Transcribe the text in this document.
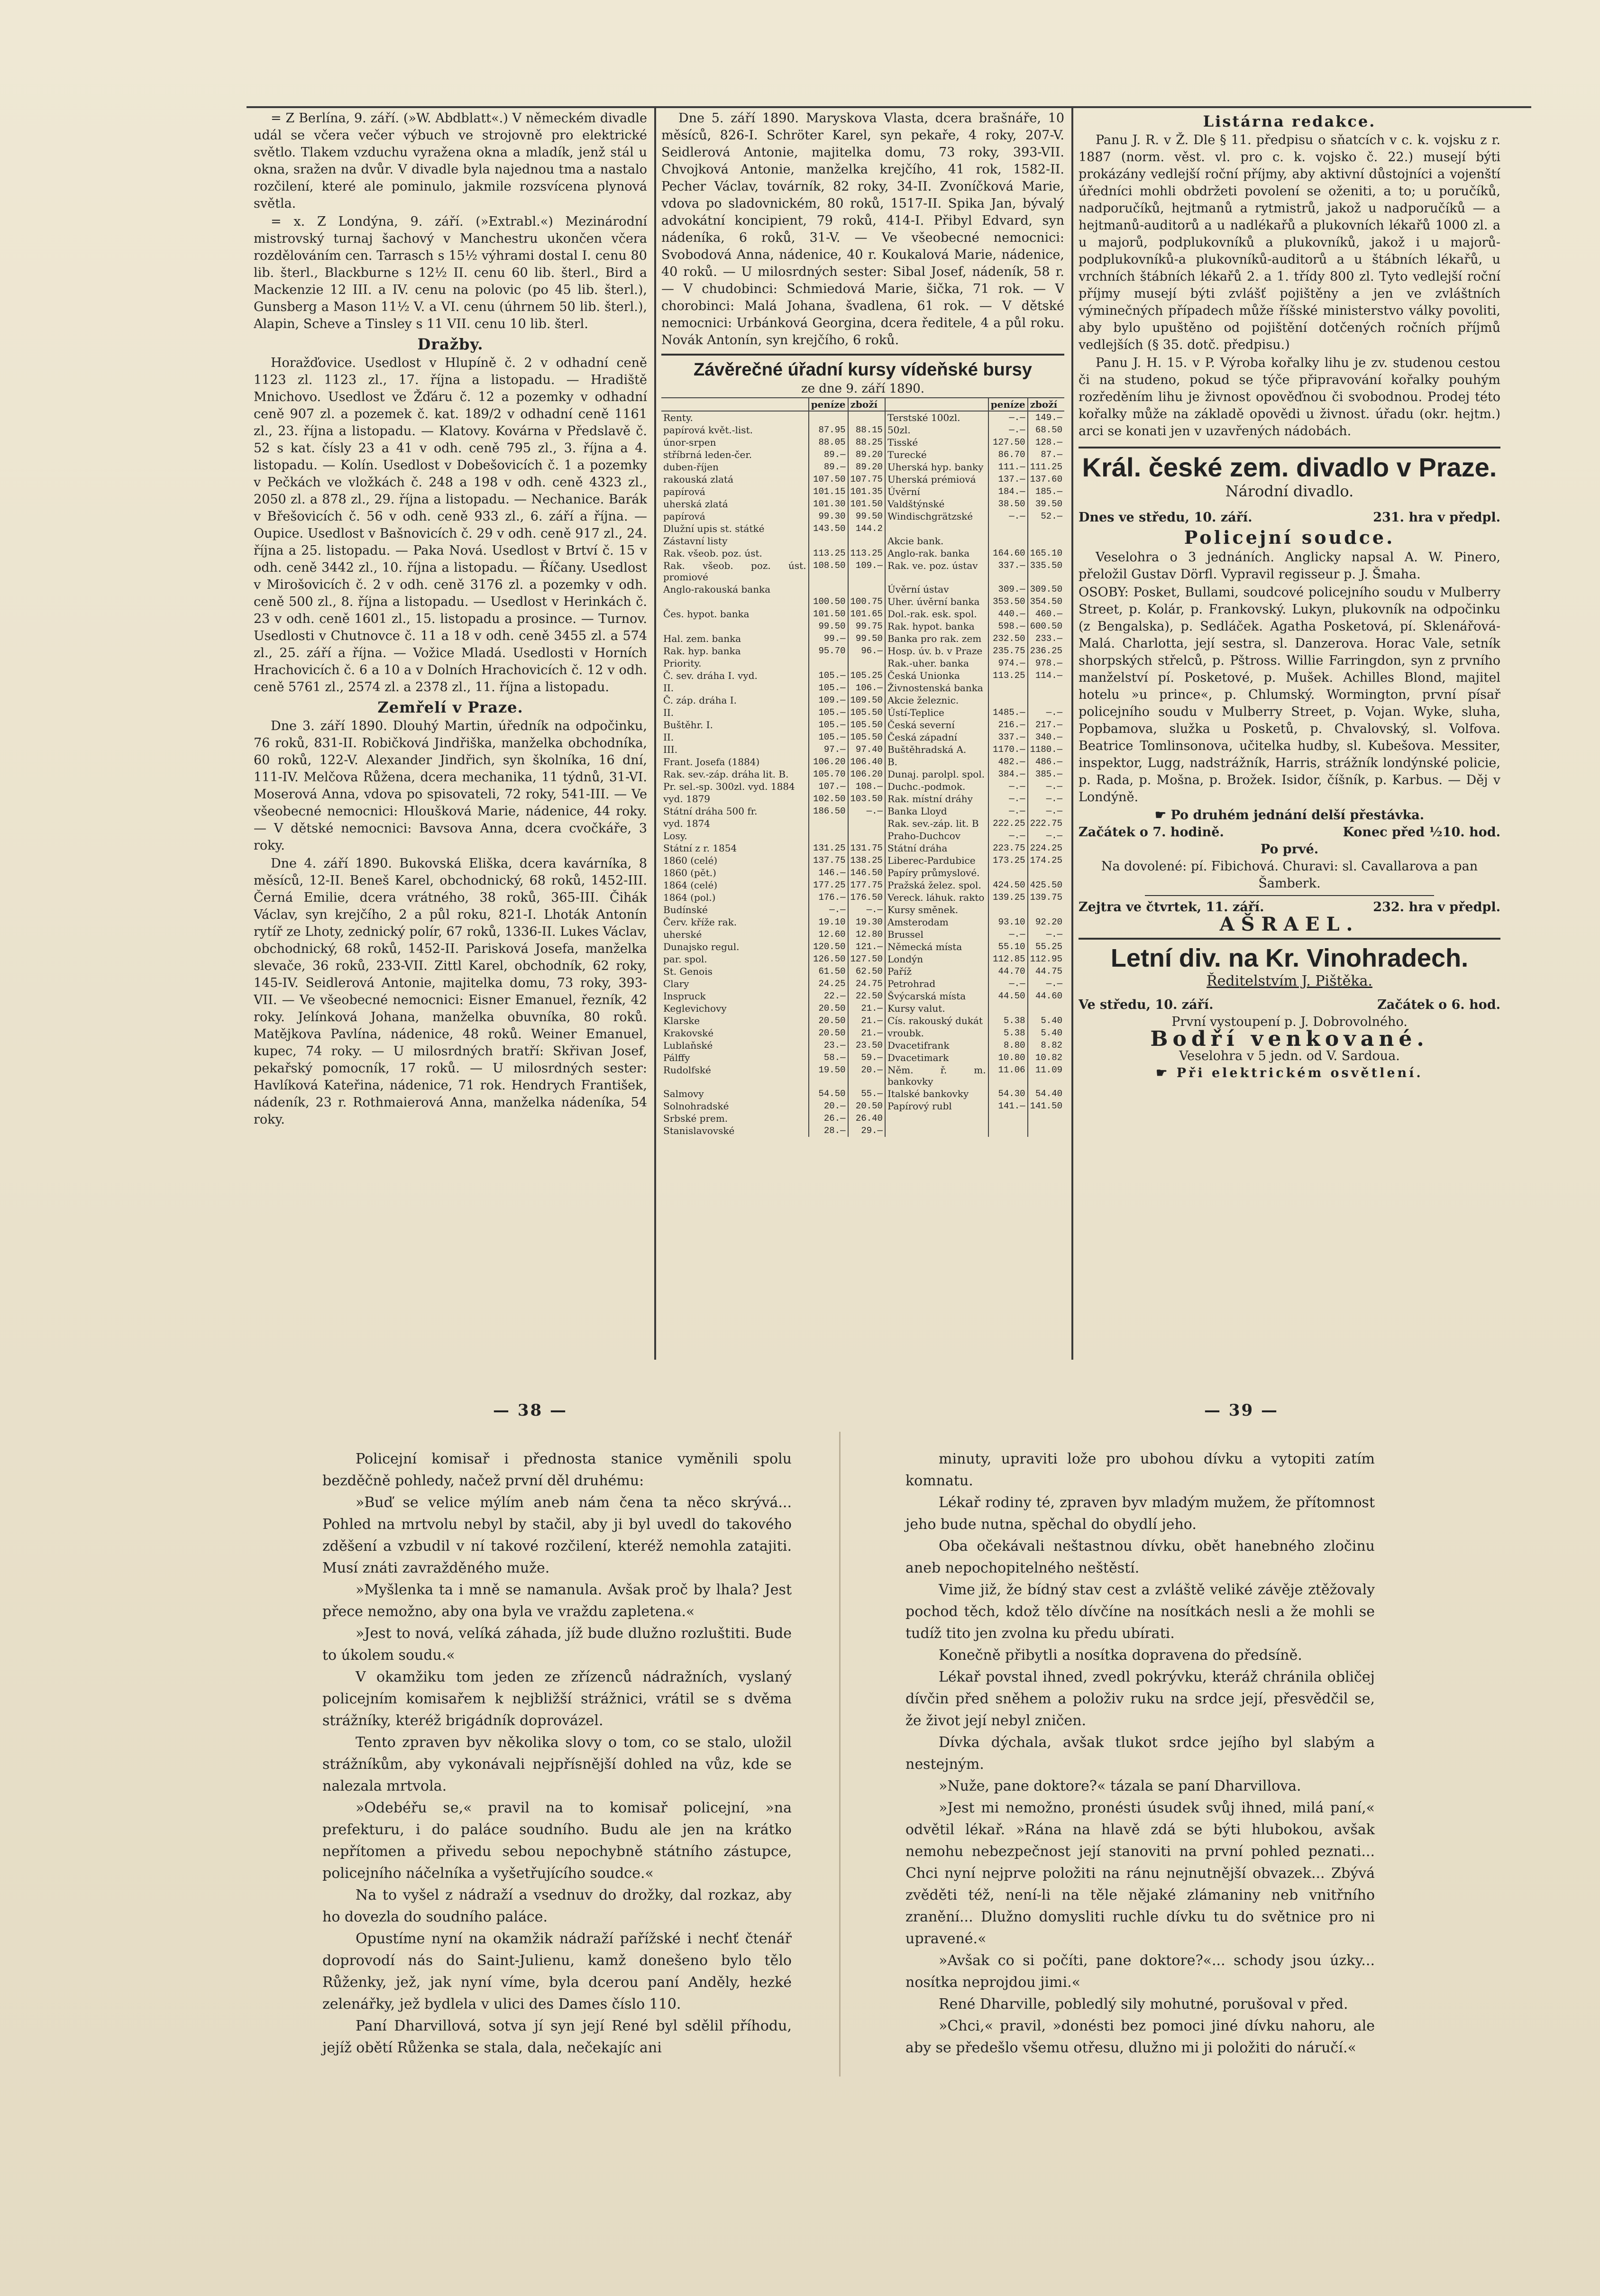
= Z Berlína, 9. září. (»W. Abdblatt«.) V německém divadle udál se včera večer výbuch ve strojovně pro elektrické světlo. Tlakem vzduchu vyražena okna a mladík, jenž stál u okna, sražen na dvůr. V divadle byla najednou tma a nastalo rozčilení, které ale pominulo, jakmile rozsvícena plynová světla.

= x. Z Londýna, 9. září. (»Extrabl.«) Mezinárodní mistrovský turnaj šachový v Manchestru ukončen včera rozdělováním cen. Tarrasch s 15½ výhrami dostal I. cenu 80 lib. šterl., Blackburne s 12½ II. cenu 60 lib. šterl., Bird a Mackenzie 12 III. a IV. cenu na polovic (po 45 lib. šterl.), Gunsberg a Mason 11½ V. a VI. cenu (úhrnem 50 lib. šterl.), Alapin, Scheve a Tinsley s 11 VII. cenu 10 lib. šterl.

Dražby.

Horažďovice. Usedlost v Hlupíně č. 2 v odhadní ceně 1123 zl. 1123 zl., 17. října a listopadu. — Hradiště Mnichovo. Usedlost ve Žďáru č. 12 a pozemky v odhadní ceně 907 zl. a pozemek č. kat. 189/2 v odhadní ceně 1161 zl., 23. října a listopadu. — Klatovy. Kovárna v Předslavě č. 52 s kat. čísly 23 a 41 v odh. ceně 795 zl., 3. října a 4. listopadu. — Kolín. Usedlost v Dobešovicích č. 1 a pozemky v Pečkách ve vložkách č. 248 a 198 v odh. ceně 4323 zl., 2050 zl. a 878 zl., 29. října a listopadu. — Nechanice. Barák v Břešovicích č. 56 v odh. ceně 933 zl., 6. září a října. — Oupice. Usedlost v Bašnovicích č. 29 v odh. ceně 917 zl., 24. října a 25. listopadu. — Paka Nová. Usedlost v Brtví č. 15 v odh. ceně 3442 zl., 10. října a listopadu. — Říčany. Usedlost v Mirošovicích č. 2 v odh. ceně 3176 zl. a pozemky v odh. ceně 500 zl., 8. října a listopadu. — Usedlost v Herinkách č. 23 v odh. ceně 1601 zl., 15. listopadu a prosince. — Turnov. Usedlosti v Chutnovce č. 11 a 18 v odh. ceně 3455 zl. a 574 zl., 25. září a října. — Vožice Mladá. Usedlosti v Horních Hrachovicích č. 6 a 10 a v Dolních Hrachovicích č. 12 v odh. ceně 5761 zl., 2574 zl. a 2378 zl., 11. října a listopadu.

Zemřelí v Praze.

Dne 3. září 1890. Dlouhý Martin, úředník na odpočinku, 76 roků, 831-II. Robičková Jindřiška, manželka obchodníka, 60 roků, 122-V. Alexander Jindřich, syn školníka, 16 dní, 111-IV. Melčova Růžena, dcera mechanika, 11 týdnů, 31-VI. Moserová Anna, vdova po spisovateli, 72 roky, 541-III. — Ve všeobecné nemocnici: Hloušková Marie, nádenice, 44 roky. — V dětské nemocnici: Bavsova Anna, dcera cvočkáře, 3 roky.

Dne 4. září 1890. Bukovská Eliška, dcera kavárníka, 8 měsíců, 12-II. Beneš Karel, obchodnický, 68 roků, 1452-III. Černá Emilie, dcera vrátného, 38 roků, 365-III. Čihák Václav, syn krejčího, 2 a půl roku, 821-I. Lhoták Antonín rytíř ze Lhoty, zednický polír, 67 roků, 1336-II. Lukes Václav, obchodnický, 68 roků, 1452-II. Parisková Josefa, manželka slevače, 36 roků, 233-VII. Zittl Karel, obchodník, 62 roky, 145-IV. Seidlerová Antonie, majitelka domu, 73 roky, 393-VII. — Ve všeobecné nemocnici: Eisner Emanuel, řezník, 42 roky. Jelínková Johana, manželka obuvníka, 80 roků. Matějkova Pavlína, nádenice, 48 roků. Weiner Emanuel, kupec, 74 roky. — U milosrdných bratří: Skřivan Josef, pekařský pomocník, 17 roků. — U milosrdných sester: Havlíková Kateřina, nádenice, 71 rok. Hendrych František, nádeník, 23 r. Rothmaierová Anna, manželka nádeníka, 54 roky.

Dne 5. září 1890. Maryskova Vlasta, dcera brašnáře, 10 měsíců, 826-I. Schröter Karel, syn pekaře, 4 roky, 207-V. Seidlerová Antonie, majitelka domu, 73 roky, 393-VII. Chvojková Antonie, manželka krejčího, 41 rok, 1582-II. Pecher Václav, továrník, 82 roky, 34-II. Zvoníčková Marie, vdova po sladovnickém, 80 roků, 1517-II. Spika Jan, bývalý advokátní koncipient, 79 roků, 414-I. Přibyl Edvard, syn nádeníka, 6 roků, 31-V. — Ve všeobecné nemocnici: Svobodová Anna, nádenice, 40 r. Koukalová Marie, nádenice, 40 roků. — U milosrdných sester: Sibal Josef, nádeník, 58 r. — V chudobinci: Schmiedová Marie, šička, 71 rok. — V chorobinci: Malá Johana, švadlena, 61 rok. — V dětské nemocnici: Urbánková Georgina, dcera ředitele, 4 a půl roku. Novák Antonín, syn krejčího, 6 roků.

Závěrečné úřadní kursy vídeňské bursy
ze dne 9. září 1890.
	peníze	zboží		peníze	zboží
Renty.			Terstské 100zl.	—.—	149.—
papírová květ.-list.	87.95	88.15	50zl.	—.—	68.50
únor-srpen	88.05	88.25	Tisské	127.50	128.—
stříbrná leden-čer.	89.—	89.20	Turecké	86.70	87.—
duben-říjen	89.—	89.20	Uherská hyp. banky	111.—	111.25
rakouská zlatá	107.50	107.75	Uherská prémiová	137.—	137.60
papírová	101.15	101.35	Úvěrní	184.—	185.—
uherská zlatá	101.30	101.50	Valdštýnské	38.50	39.50
papírová	99.30	99.50	Windischgrätzské	—.—	52.—
Dlužní upis st. státké	143.50	144.2			
Zástavní listy			Akcie bank.		
Rak. všeob. poz. úst.	113.25	113.25	Anglo-rak. banka	164.60	165.10
Rak. všeob. poz. úst. promiové	108.50	109.—	Rak. ve. poz. ústav	337.—	335.50
Anglo-rakouská banka			Úvěrní ústav	309.—	309.50
	100.50	100.75	Uher. úvěrní banka	353.50	354.50
Čes. hypot. banka	101.50	101.65	Dol.-rak. esk. spol.	440.—	460.—
	99.50	99.75	Rak. hypot. banka	598.—	600.50
Hal. zem. banka	99.—	99.50	Banka pro rak. zem	232.50	233.—
Rak. hyp. banka	95.70	96.—	Hosp. úv. b. v Praze	235.75	236.25
Priority.			Rak.-uher. banka	974.—	978.—
Č. sev. dráha I. vyd.	105.—	105.25	Česká Unionka	113.25	114.—
II.	105.—	106.—	Živnostenská banka		
Č. záp. dráha I.	109.—	109.50	Akcie železnic.		
II.	105.—	105.50	Ústí-Teplice	1485.—	—.—
Buštěhr. I.	105.—	105.50	Česká severní	216.—	217.—
II.	105.—	105.50	Česká západní	337.—	340.—
III.	97.—	97.40	Buštěhradská A.	1170.—	1180.—
Frant. Josefa (1884)	106.20	106.40	B.	482.—	486.—
Rak. sev.-záp. dráha lit. B.	105.70	106.20	Dunaj. parolpl. spol.	384.—	385.—
Pr. sel.-sp. 300zl. vyd. 1884	107.—	108.—	Duchc.-podmok.	—.—	—.—
vyd. 1879	102.50	103.50	Rak. místní dráhy	—.—	—.—
Státní dráha 500 fr.	186.50	—.—	Banka Lloyd	—.—	—.—
vyd. 1874			Rak. sev.-záp. lit. B	222.25	222.75
Losy.			Praho-Duchcov	—.—	—.—
Státní z r. 1854	131.25	131.75	Státní dráha	223.75	224.25
1860 (celé)	137.75	138.25	Liberec-Pardubice	173.25	174.25
1860 (pět.)	146.—	146.50	Papíry průmyslové.		
1864 (celé)	177.25	177.75	Pražská želez. spol.	424.50	425.50
1864 (pol.)	176.—	176.50	Vereck. láhuk. rakto	139.25	139.75
Budínské	—.—	—.—	Kursy směnek.		
Červ. kříže rak.	19.10	19.30	Amsterodam	93.10	92.20
uherské	12.60	12.80	Brussel	—.—	—.—
Dunajsko regul.	120.50	121.—	Německá místa	55.10	55.25
par. spol.	126.50	127.50	Londýn	112.85	112.95
St. Genois	61.50	62.50	Paříž	44.70	44.75
Clary	24.25	24.75	Petrohrad	—.—	—.—
Inspruck	22.—	22.50	Švýcarská místa	44.50	44.60
Keglevichovy	20.50	21.—	Kursy valut.		
Klarske	20.50	21.—	Cís. rakouský dukát	5.38	5.40
Krakovské	20.50	21.—	vroubk.	5.38	5.40
Lublaňské	23.—	23.50	Dvacetifrank	8.80	8.82
Pálffy	58.—	59.—	Dvacetimark	10.80	10.82
Rudolfské	19.50	20.—	Něm. ř. m. bankovky	11.06	11.09
Salmovy	54.50	55.—	Italské bankovky	54.30	54.40
Solnohradské	20.—	20.50	Papírový rubl	141.—	141.50
Srbské prem.	26.—	26.40			
Stanislavovské	28.—	29.—			
Listárna redakce.

Panu J. R. v Ž. Dle § 11. předpisu o sňatcích v c. k. vojsku z r. 1887 (norm. věst. vl. pro c. k. vojsko č. 22.) musejí býti prokázány vedlejší roční příjmy, aby aktivní důstojníci a vojenští úředníci mohli obdržeti povolení se oženiti, a to; u poručíků, nadporučíků, hejtmanů a rytmistrů, jakož u nadporučíků — a hejtmanů-auditorů a u nadlékařů a plukovních lékařů 1000 zl. a u majorů, podplukovníků a plukovníků, jakož i u majorů-podplukovníků-a plukovníků-auditorů a u štábních lékařů, u vrchních štábních lékařů 2. a 1. třídy 800 zl. Tyto vedlejší roční příjmy musejí býti zvlášť pojištěny a jen ve zvláštních výminečných případech může říšské ministerstvo války povoliti, aby bylo upuštěno od pojištění dotčených ročních příjmů vedlejších (§ 35. dotč. předpisu.)

Panu J. H. 15. v P. Výroba kořalky lihu je zv. studenou cestou či na studeno, pokud se týče připravování kořalky pouhým rozředěním lihu je živnost opověďnou či svobodnou. Prodej této kořalky může na základě opovědi u živnost. úřadu (okr. hejtm.) arci se konati jen v uzavřených nádobách.

Král. české zem. divadlo v Praze.
Národní divadlo.
Dnes ve středu, 10. září.	231. hra v předpl.
Policejní soudce.

Veselohra o 3 jednáních. Anglicky napsal A. W. Pinero, přeložil Gustav Dörfl. Vypravil regisseur p. J. Šmaha.

OSOBY: Posket, Bullami, soudcové policejního soudu v Mulberry Street, p. Kolár, p. Frankovský. Lukyn, plukovník na odpočinku (z Bengalska), p. Sedláček. Agatha Posketová, pí. Sklenářová-Malá. Charlotta, její sestra, sl. Danzerova. Horac Vale, setník shorpských střelců, p. Pštross. Willie Farringdon, syn z prvního manželství pí. Posketové, p. Mušek. Achilles Blond, majitel hotelu »u prince«, p. Chlumský. Wormington, první písař policejního soudu v Mulberry Street, p. Vojan. Wyke, sluha, Popbamova, služka u Posketů, p. Chvalovský, sl. Volfova. Beatrice Tomlinsonova, učitelka hudby, sl. Kubešova. Messiter, inspektor, Lugg, nadstrážník, Harris, strážník londýnské policie, p. Rada, p. Mošna, p. Brožek. Isidor, číšník, p. Karbus. — Děj v Londýně.

☛ Po druhém jednání delší přestávka.
Začátek o 7. hodině.	Konec před ½10. hod.
Po prvé.
Na dovolené: pí. Fibichová. Churavi: sl. Cavallarova a pan Šamberk.
Zejtra ve čtvrtek, 11. září.	232. hra v předpl.
AŠRAEL.
Letní div. na Kr. Vinohradech.
Ředitelstvím J. Pištěka.
Ve středu, 10. září.	Začátek o 6. hod.
První vystoupení p. J. Dobrovolného.
Bodří venkované.
Veselohra v 5 jedn. od V. Sardoua.
☛ Při elektrickém osvětlení.
— 38 —	— 39 —

Policejní komisař i přednosta stanice vyměnili spolu bezděčně pohledy, načež první děl druhému:

»Buď se velice mýlím aneb nám čena ta něco skrývá... Pohled na mrtvolu nebyl by stačil, aby ji byl uvedl do takového zděšení a vzbudil v ní takové rozčilení, kteréž nemohla zatajiti. Musí znáti zavražděného muže.

»Myšlenka ta i mně se namanula. Avšak proč by lhala? Jest přece nemožno, aby ona byla ve vraždu zapletena.«

»Jest to nová, velíká záhada, jíž bude dlužno rozluštiti. Bude to úkolem soudu.«

V okamžiku tom jeden ze zřízenců nádražních, vyslaný policejním komisařem k nejbližší strážnici, vrátil se s dvěma strážníky, kteréž brigádník doprovázel.

Tento zpraven byv několika slovy o tom, co se stalo, uložil strážníkům, aby vykonávali nejpřísnější dohled na vůz, kde se nalezala mrtvola.

»Odebéřu se,« pravil na to komisař policejní, »na prefekturu, i do paláce soudního. Budu ale jen na krátko nepřítomen a přivedu sebou nepochybně státního zástupce, policejního náčelníka a vyšetřujícího soudce.«

Na to vyšel z nádraží a vsednuv do drožky, dal rozkaz, aby ho dovezla do soudního paláce.

Opustíme nyní na okamžik nádraží pařížské i nechť čtenář doprovodí nás do Saint-Julienu, kamž donešeno bylo tělo Růženky, jež, jak nyní víme, byla dcerou paní Anděly, hezké zelenářky, jež bydlela v ulici des Dames číslo 110.

Paní Dharvillová, sotva jí syn její René byl sdělil příhodu, jejíž obětí Růženka se stala, dala, nečekajíc ani

minuty, upraviti lože pro ubohou dívku a vytopiti zatím komnatu.

Lékař rodiny té, zpraven byv mladým mužem, že přítomnost jeho bude nutna, spěchal do obydlí jeho.

Oba očekávali neštastnou dívku, obět hanebného zločinu aneb nepochopitelného neštěstí.

Vime již, že bídný stav cest a zvláště veliké závěje ztěžovaly pochod těch, kdož tělo dívčíne na nosítkách nesli a že mohli se tudíž tito jen zvolna ku předu ubírati.

Konečně přibytli a nosítka dopravena do předsíně.

Lékař povstal ihned, zvedl pokrývku, kteráž chránila obličej dívčin před sněhem a položiv ruku na srdce její, přesvědčil se, že život její nebyl zničen.

Dívka dýchala, avšak tlukot srdce jejího byl slabým a nestejným.

»Nuže, pane doktore?« tázala se paní Dharvillova.

»Jest mi nemožno, pronésti úsudek svůj ihned, milá paní,« odvětil lékař. »Rána na hlavě zdá se býti hlubokou, avšak nemohu nebezpečnost její stanoviti na první pohled peznati... Chci nyní nejprve položiti na ránu nejnutnější obvazek... Zbývá zvěděti též, není-li na těle nějaké zlámaniny neb vnitřního zranění... Dlužno domysliti ruchle dívku tu do světnice pro ni upravené.«

»Avšak co si počíti, pane doktore?«... schody jsou úzky... nosítka neprojdou jimi.«

René Dharville, pobledlý sily mohutné, porušoval v před.

»Chci,« pravil, »donésti bez pomoci jiné dívku nahoru, ale aby se předešlo všemu otřesu, dlužno mi ji položiti do náručí.«
